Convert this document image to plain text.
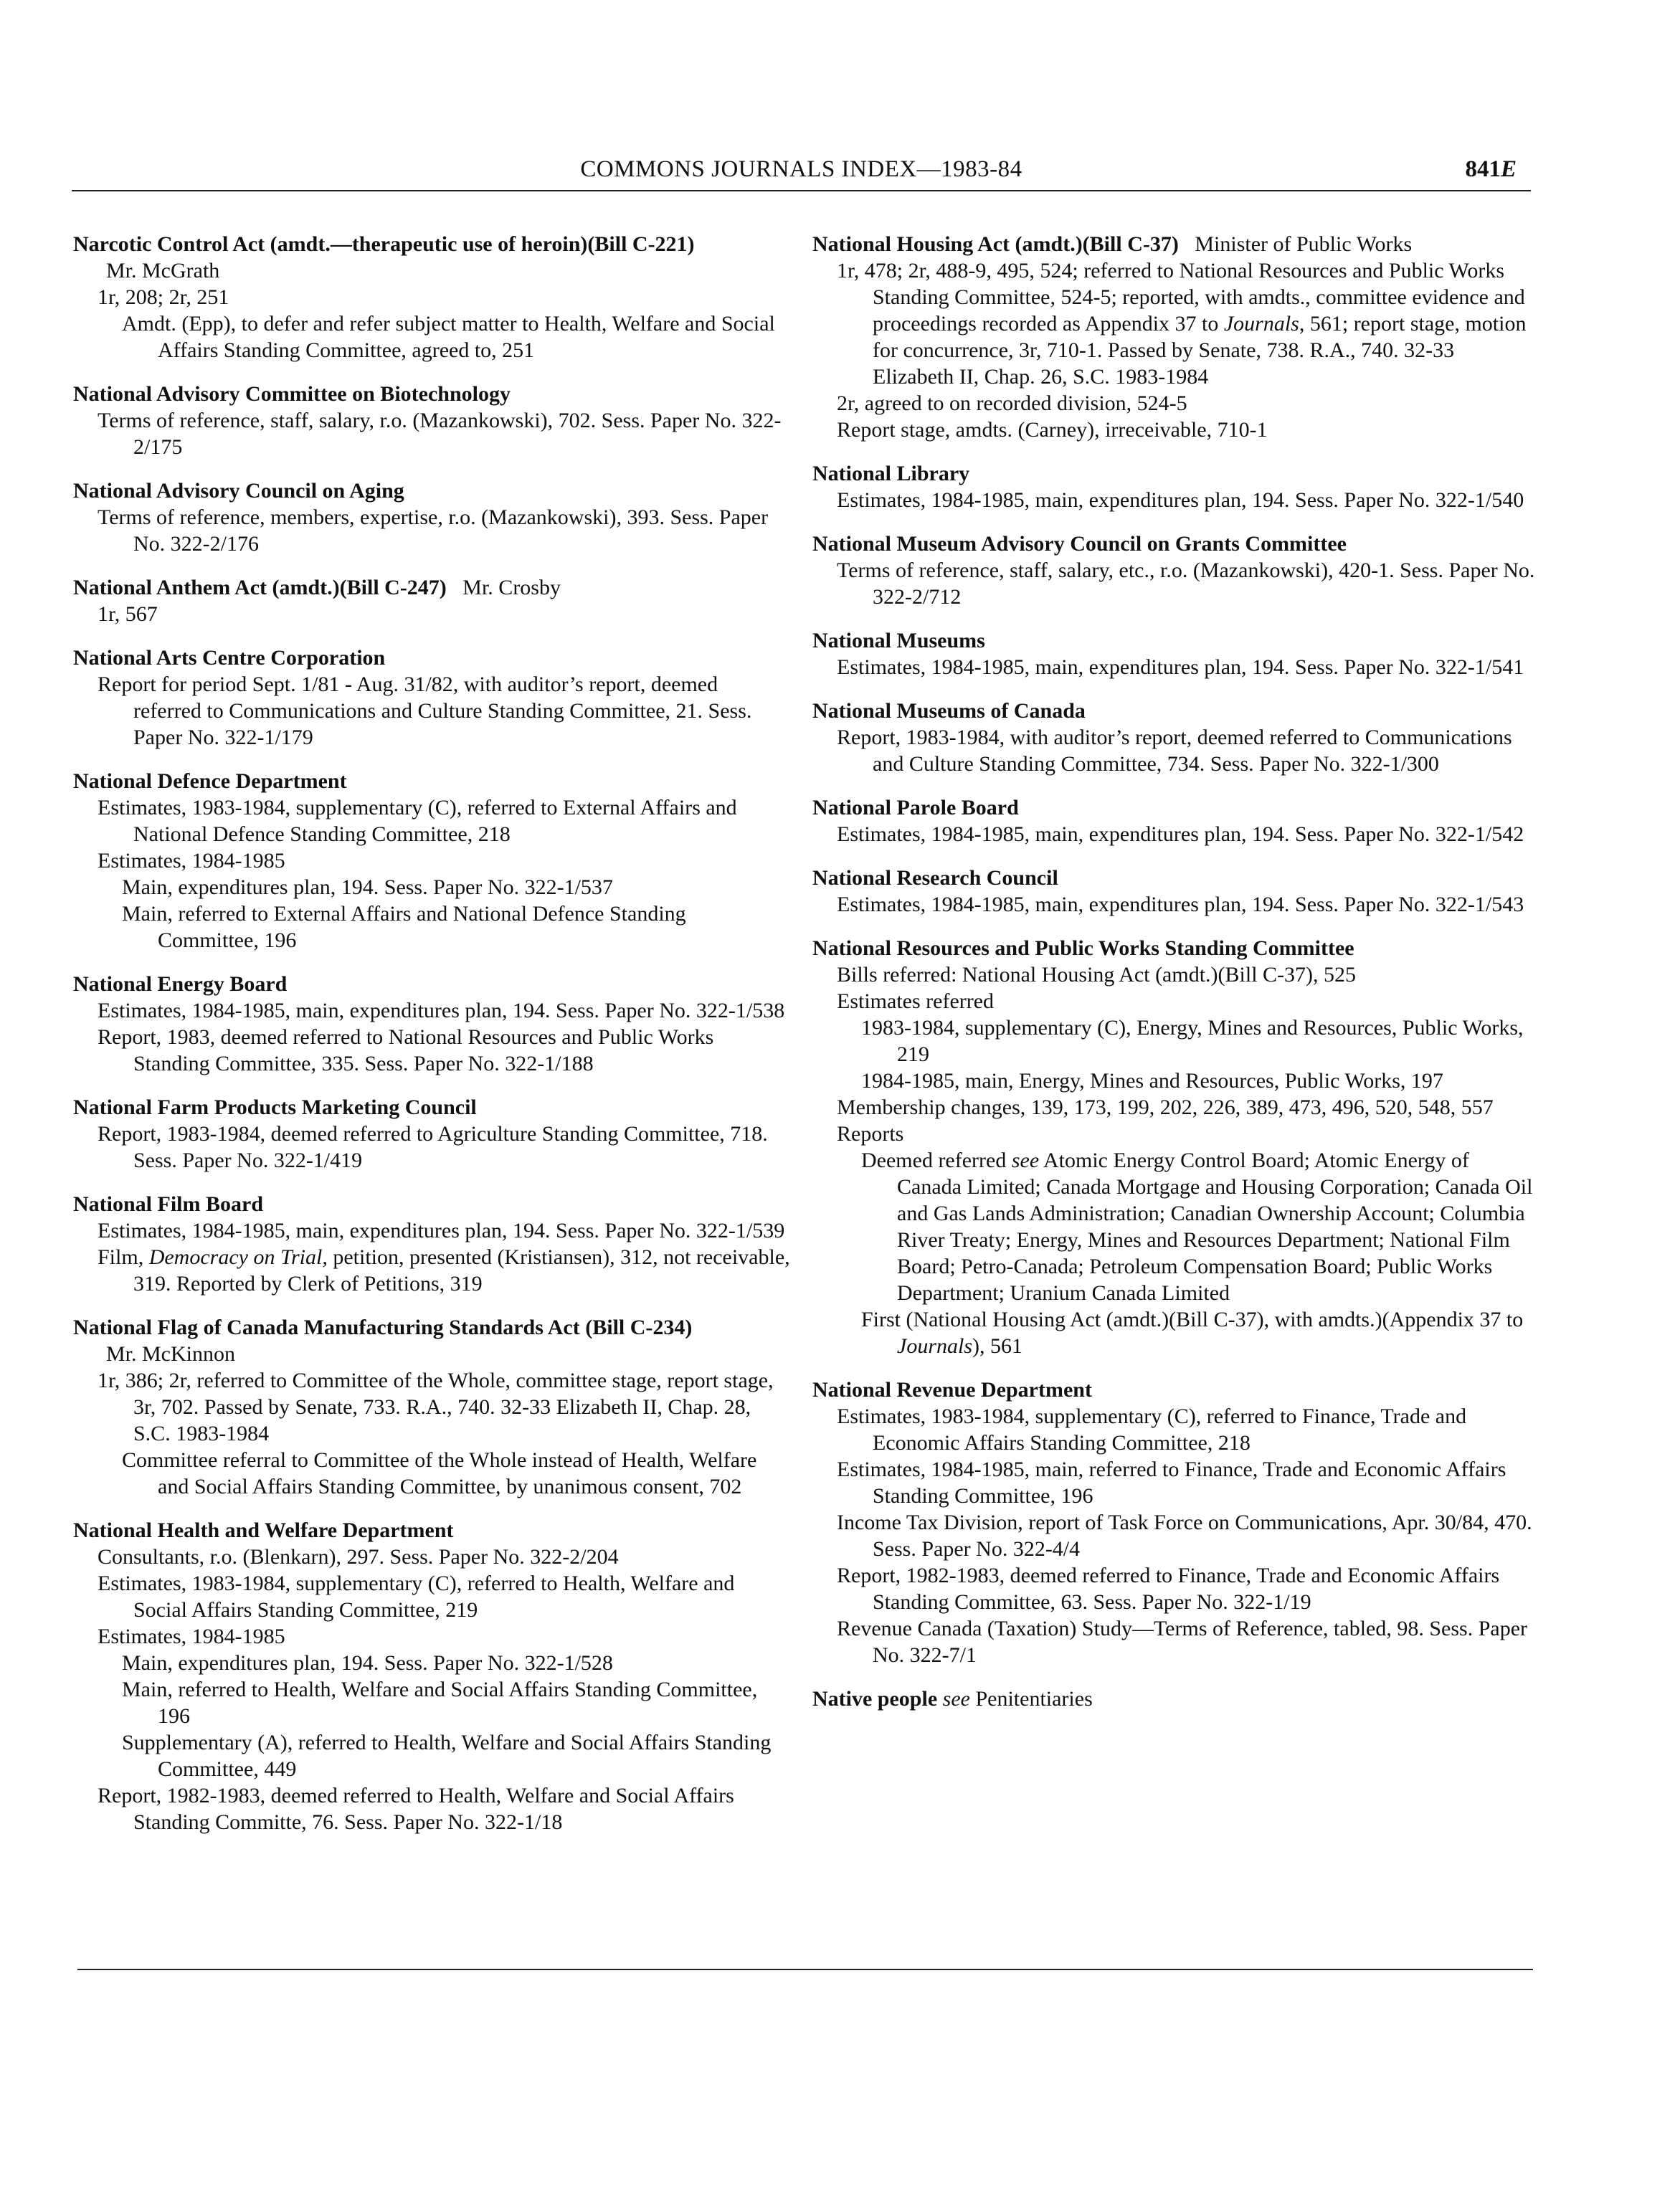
COMMONS JOURNALS INDEX—1983-84	841E
Narcotic Control Act (amdt.—therapeutic use of heroin)(Bill C-221)
Mr. McGrath
1r, 208; 2r, 251
Amdt. (Epp), to defer and refer subject matter to Health, Welfare and Social Affairs Standing Committee, agreed to, 251
National Advisory Committee on Biotechnology
Terms of reference, staff, salary, r.o. (Mazankowski), 702. Sess. Paper No. 322-2/175
National Advisory Council on Aging
Terms of reference, members, expertise, r.o. (Mazankowski), 393. Sess. Paper No. 322-2/176
National Anthem Act (amdt.)(Bill C-247) Mr. Crosby
1r, 567
National Arts Centre Corporation
Report for period Sept. 1/81 - Aug. 31/82, with auditor’s report, deemed referred to Communications and Culture Standing Committee, 21. Sess. Paper No. 322-1/179
National Defence Department
Estimates, 1983-1984, supplementary (C), referred to External Affairs and National Defence Standing Committee, 218
Estimates, 1984-1985
Main, expenditures plan, 194. Sess. Paper No. 322-1/537
Main, referred to External Affairs and National Defence Standing Committee, 196
National Energy Board
Estimates, 1984-1985, main, expenditures plan, 194. Sess. Paper No. 322-1/538
Report, 1983, deemed referred to National Resources and Public Works Standing Committee, 335. Sess. Paper No. 322-1/188
National Farm Products Marketing Council
Report, 1983-1984, deemed referred to Agriculture Standing Committee, 718. Sess. Paper No. 322-1/419
National Film Board
Estimates, 1984-1985, main, expenditures plan, 194. Sess. Paper No. 322-1/539
Film, Democracy on Trial, petition, presented (Kristiansen), 312, not receivable, 319. Reported by Clerk of Petitions, 319
National Flag of Canada Manufacturing Standards Act (Bill C-234)
Mr. McKinnon
1r, 386; 2r, referred to Committee of the Whole, committee stage, report stage, 3r, 702. Passed by Senate, 733. R.A., 740. 32-33 Elizabeth II, Chap. 28, S.C. 1983-1984
Committee referral to Committee of the Whole instead of Health, Welfare and Social Affairs Standing Committee, by unanimous consent, 702
National Health and Welfare Department
Consultants, r.o. (Blenkarn), 297. Sess. Paper No. 322-2/204
Estimates, 1983-1984, supplementary (C), referred to Health, Welfare and Social Affairs Standing Committee, 219
Estimates, 1984-1985
Main, expenditures plan, 194. Sess. Paper No. 322-1/528
Main, referred to Health, Welfare and Social Affairs Standing Committee, 196
Supplementary (A), referred to Health, Welfare and Social Affairs Standing Committee, 449
Report, 1982-1983, deemed referred to Health, Welfare and Social Affairs Standing Committe, 76. Sess. Paper No. 322-1/18
National Housing Act (amdt.)(Bill C-37) Minister of Public Works
1r, 478; 2r, 488-9, 495, 524; referred to National Resources and Public Works Standing Committee, 524-5; reported, with amdts., committee evidence and proceedings recorded as Appendix 37 to Journals, 561; report stage, motion for concurrence, 3r, 710-1. Passed by Senate, 738. R.A., 740. 32-33 Elizabeth II, Chap. 26, S.C. 1983-1984
2r, agreed to on recorded division, 524-5
Report stage, amdts. (Carney), irreceivable, 710-1
National Library
Estimates, 1984-1985, main, expenditures plan, 194. Sess. Paper No. 322-1/540
National Museum Advisory Council on Grants Committee
Terms of reference, staff, salary, etc., r.o. (Mazankowski), 420-1. Sess. Paper No. 322-2/712
National Museums
Estimates, 1984-1985, main, expenditures plan, 194. Sess. Paper No. 322-1/541
National Museums of Canada
Report, 1983-1984, with auditor’s report, deemed referred to Communications and Culture Standing Committee, 734. Sess. Paper No. 322-1/300
National Parole Board
Estimates, 1984-1985, main, expenditures plan, 194. Sess. Paper No. 322-1/542
National Research Council
Estimates, 1984-1985, main, expenditures plan, 194. Sess. Paper No. 322-1/543
National Resources and Public Works Standing Committee
Bills referred: National Housing Act (amdt.)(Bill C-37), 525
Estimates referred
1983-1984, supplementary (C), Energy, Mines and Resources, Public Works, 219
1984-1985, main, Energy, Mines and Resources, Public Works, 197
Membership changes, 139, 173, 199, 202, 226, 389, 473, 496, 520, 548, 557
Reports
Deemed referred see Atomic Energy Control Board; Atomic Energy of Canada Limited; Canada Mortgage and Housing Corporation; Canada Oil and Gas Lands Administration; Canadian Ownership Account; Columbia River Treaty; Energy, Mines and Resources Department; National Film Board; Petro-Canada; Petroleum Compensation Board; Public Works Department; Uranium Canada Limited
First (National Housing Act (amdt.)(Bill C-37), with amdts.)(Appendix 37 to Journals), 561
National Revenue Department
Estimates, 1983-1984, supplementary (C), referred to Finance, Trade and Economic Affairs Standing Committee, 218
Estimates, 1984-1985, main, referred to Finance, Trade and Economic Affairs Standing Committee, 196
Income Tax Division, report of Task Force on Communications, Apr. 30/84, 470. Sess. Paper No. 322-4/4
Report, 1982-1983, deemed referred to Finance, Trade and Economic Affairs Standing Committee, 63. Sess. Paper No. 322-1/19
Revenue Canada (Taxation) Study—Terms of Reference, tabled, 98. Sess. Paper No. 322-7/1
Native people see Penitentiaries
